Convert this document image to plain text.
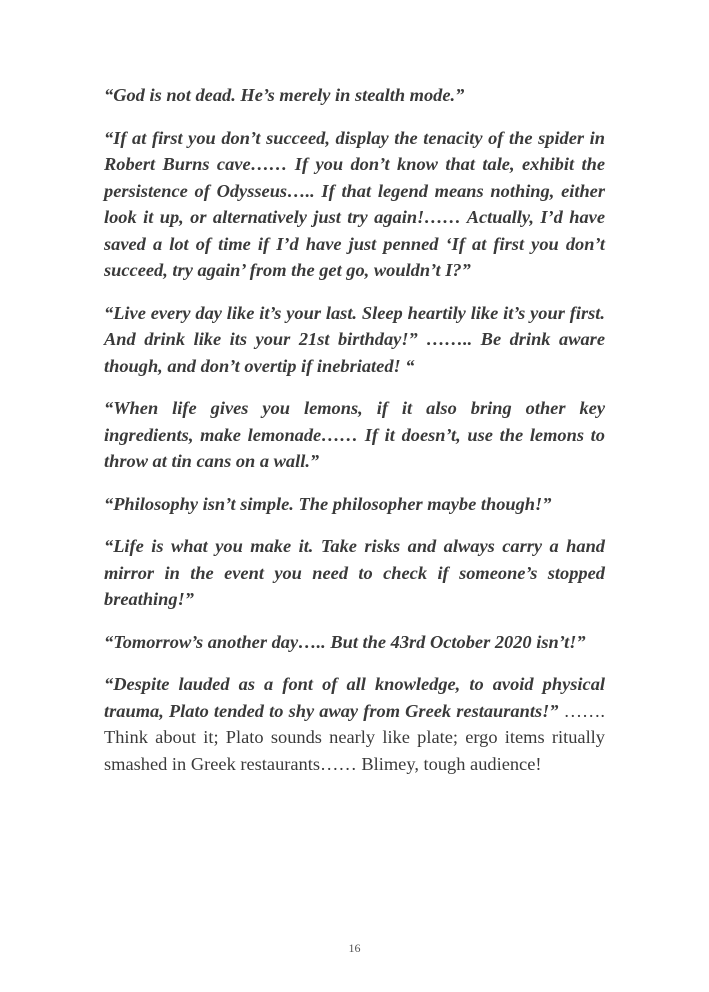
“God is not dead. He’s merely in stealth mode.”

“If at first you don’t succeed, display the tenacity of the spider in Robert Burns cave…… If you don’t know that tale, exhibit the persistence of Odysseus….. If that legend means nothing, either look it up, or alternatively just try again!…… Actually, I’d have saved a lot of time if I’d have just penned ‘If at first you don’t succeed, try again’ from the get go, wouldn’t I?”

“Live every day like it’s your last. Sleep heartily like it’s your first. And drink like its your 21st birthday!” …….. Be drink aware though, and don’t overtip if inebriated! “

“When life gives you lemons, if it also bring other key ingredients, make lemonade…… If it doesn’t, use the lemons to throw at tin cans on a wall.”

“Philosophy isn’t simple. The philosopher maybe though!”

“Life is what you make it. Take risks and always carry a hand mirror in the event you need to check if someone’s stopped breathing!”

“Tomorrow’s another day….. But the 43rd October 2020 isn’t!”

“Despite lauded as a font of all knowledge, to avoid physical trauma, Plato tended to shy away from Greek restaurants!” ……. Think about it; Plato sounds nearly like plate; ergo items ritually smashed in Greek restaurants…… Blimey, tough audience!

16
